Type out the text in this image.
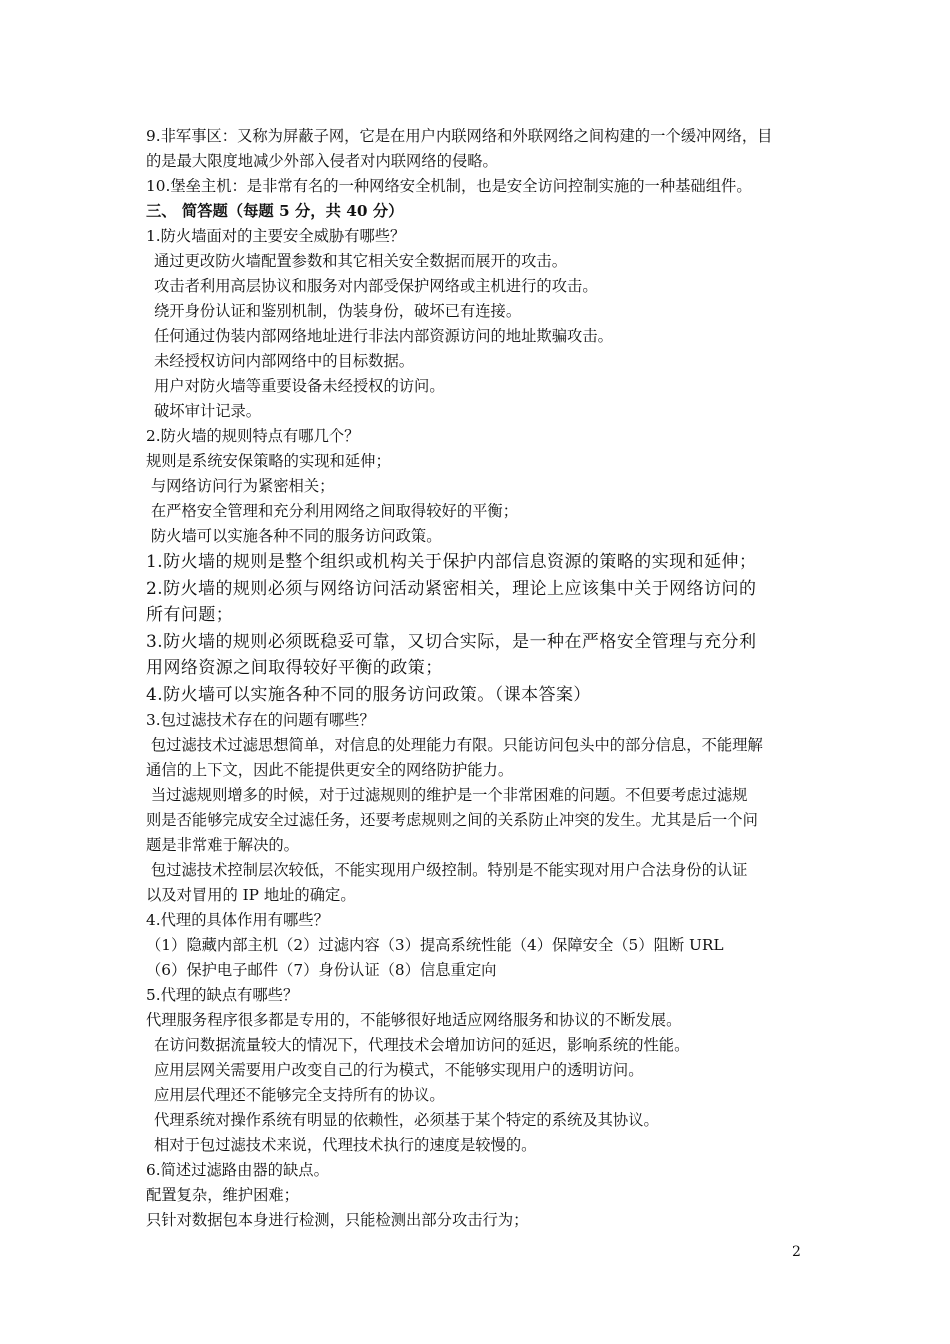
9.非军事区：又称为屏蔽子网，它是在用户内联网络和外联网络之间构建的一个缓冲网络，目

的是最大限度地减少外部入侵者对内联网络的侵略。

10.堡垒主机：是非常有名的一种网络安全机制，也是安全访问控制实施的一种基础组件。

三、 简答题（每题 5 分，共 40 分）

1.防火墙面对的主要安全威胁有哪些？

通过更改防火墙配置参数和其它相关安全数据而展开的攻击。

攻击者利用高层协议和服务对内部受保护网络或主机进行的攻击。

绕开身份认证和鉴别机制，伪装身份，破坏已有连接。

任何通过伪装内部网络地址进行非法内部资源访问的地址欺骗攻击。

未经授权访问内部网络中的目标数据。

用户对防火墙等重要设备未经授权的访问。

破坏审计记录。

2.防火墙的规则特点有哪几个？

规则是系统安保策略的实现和延伸；

与网络访问行为紧密相关；

在严格安全管理和充分利用网络之间取得较好的平衡；

防火墙可以实施各种不同的服务访问政策。

1.防火墙的规则是整个组织或机构关于保护内部信息资源的策略的实现和延伸；

2.防火墙的规则必须与网络访问活动紧密相关，理论上应该集中关于网络访问的

所有问题；

3.防火墙的规则必须既稳妥可靠，又切合实际，是一种在严格安全管理与充分利

用网络资源之间取得较好平衡的政策；

4.防火墙可以实施各种不同的服务访问政策。（课本答案）

3.包过滤技术存在的问题有哪些？

包过滤技术过滤思想简单，对信息的处理能力有限。只能访问包头中的部分信息，不能理解

通信的上下文，因此不能提供更安全的网络防护能力。

当过滤规则增多的时候，对于过滤规则的维护是一个非常困难的问题。不但要考虑过滤规

则是否能够完成安全过滤任务，还要考虑规则之间的关系防止冲突的发生。尤其是后一个问

题是非常难于解决的。

包过滤技术控制层次较低，不能实现用户级控制。特别是不能实现对用户合法身份的认证

以及对冒用的 IP 地址的确定。

4.代理的具体作用有哪些？

（1）隐藏内部主机（2）过滤内容（3）提高系统性能（4）保障安全（5）阻断 URL

（6）保护电子邮件（7）身份认证（8）信息重定向

5.代理的缺点有哪些？

代理服务程序很多都是专用的，不能够很好地适应网络服务和协议的不断发展。

在访问数据流量较大的情况下，代理技术会增加访问的延迟，影响系统的性能。

应用层网关需要用户改变自己的行为模式，不能够实现用户的透明访问。

应用层代理还不能够完全支持所有的协议。

代理系统对操作系统有明显的依赖性，必须基于某个特定的系统及其协议。

相对于包过滤技术来说，代理技术执行的速度是较慢的。

6.简述过滤路由器的缺点。

配置复杂，维护困难；

只针对数据包本身进行检测，只能检测出部分攻击行为；

2
